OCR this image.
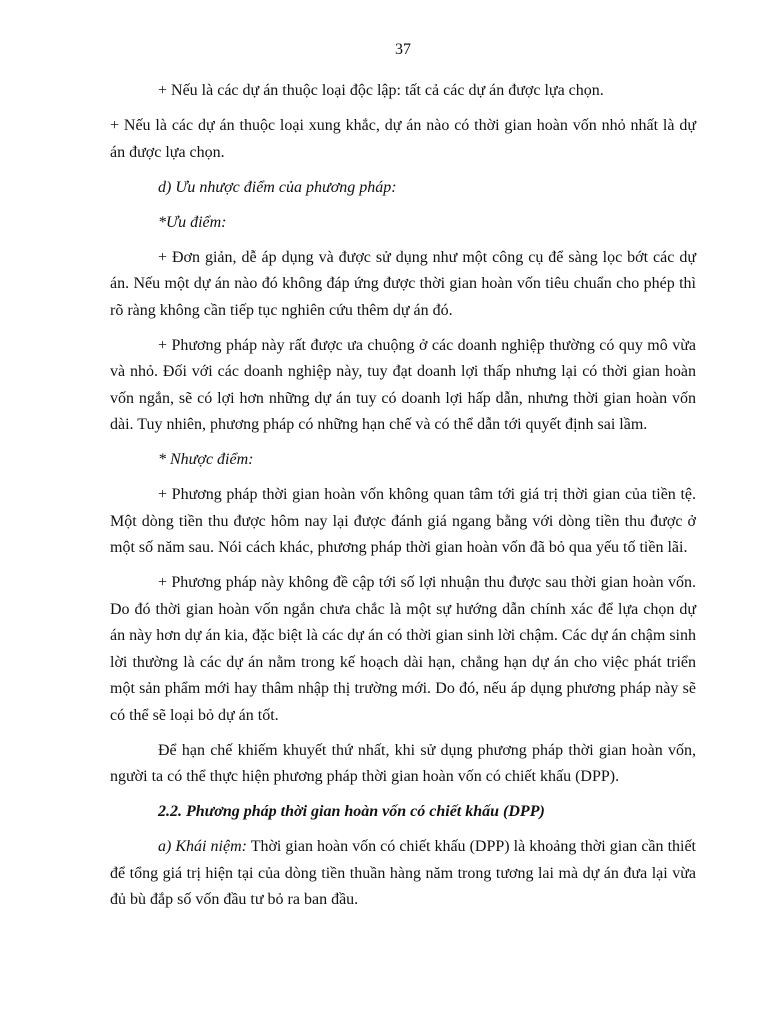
37

+ Nếu là các dự án thuộc loại độc lập: tất cả các dự án được lựa chọn.

+ Nếu là các dự án thuộc loại xung khắc, dự án nào có thời gian hoàn vốn nhỏ nhất là dự án được lựa chọn.

d) Ưu nhược điểm của phương pháp:

*Ưu điểm:

+ Đơn giản, dễ áp dụng và được sử dụng như một công cụ để sàng lọc bớt các dự án. Nếu một dự án nào đó không đáp ứng được thời gian hoàn vốn tiêu chuẩn cho phép thì rõ ràng không cần tiếp tục nghiên cứu thêm dự án đó.

+ Phương pháp này rất được ưa chuộng ở các doanh nghiệp thường có quy mô vừa và nhỏ. Đối với các doanh nghiệp này, tuy đạt doanh lợi thấp nhưng lại có thời gian hoàn vốn ngắn, sẽ có lợi hơn những dự án tuy có doanh lợi hấp dẫn, nhưng thời gian hoàn vốn dài. Tuy nhiên, phương pháp có những hạn chế và có thể dẫn tới quyết định sai lầm.

* Nhược điểm:

+ Phương pháp thời gian hoàn vốn không quan tâm tới giá trị thời gian của tiền tệ. Một dòng tiền thu được hôm nay lại được đánh giá ngang bằng với dòng tiền thu được ở một số năm sau. Nói cách khác, phương pháp thời gian hoàn vốn đã bỏ qua yếu tố tiền lãi.

+ Phương pháp này không đề cập tới số lợi nhuận thu được sau thời gian hoàn vốn. Do đó thời gian hoàn vốn ngắn chưa chắc là một sự hướng dẫn chính xác để lựa chọn dự án này hơn dự án kia, đặc biệt là các dự án có thời gian sinh lời chậm. Các dự án chậm sinh lời thường là các dự án nằm trong kế hoạch dài hạn, chẳng hạn dự án cho việc phát triển một sản phẩm mới hay thâm nhập thị trường mới. Do đó, nếu áp dụng phương pháp này sẽ có thể sẽ loại bỏ dự án tốt.

Để hạn chế khiếm khuyết thứ nhất, khi sử dụng phương pháp thời gian hoàn vốn, người ta có thể thực hiện phương pháp thời gian hoàn vốn có chiết khấu (DPP).

2.2. Phương pháp thời gian hoàn vốn có chiết khấu (DPP)

a) Khái niệm: Thời gian hoàn vốn có chiết khấu (DPP) là khoảng thời gian cần thiết để tổng giá trị hiện tại của dòng tiền thuần hàng năm trong tương lai mà dự án đưa lại vừa đủ bù đắp số vốn đầu tư bỏ ra ban đầu.
